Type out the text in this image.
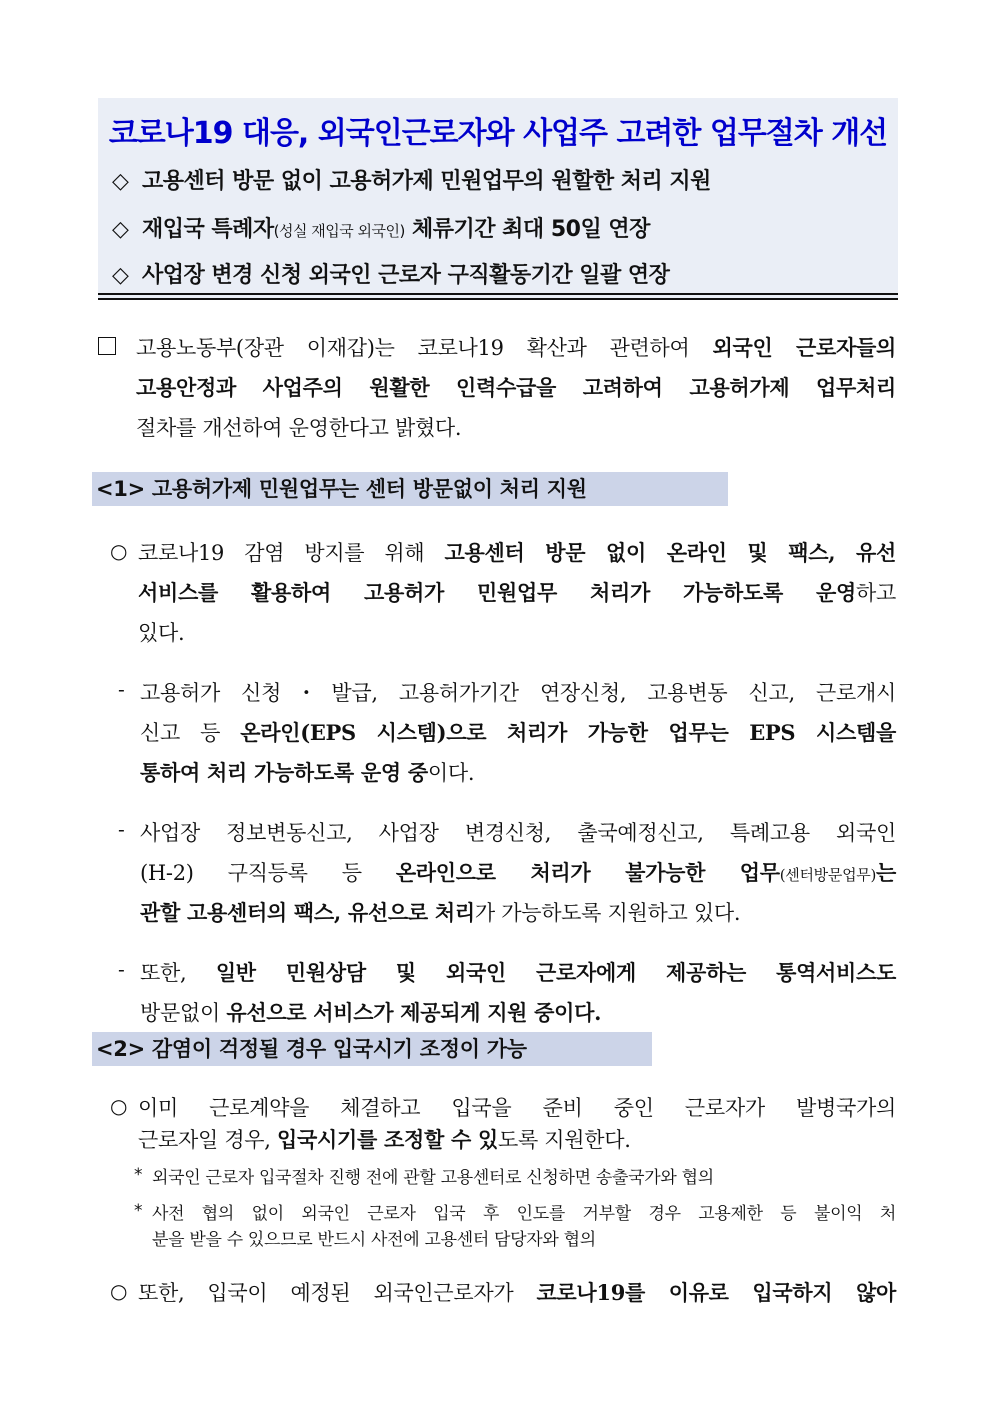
코로나19 대응, 외국인근로자와 사업주 고려한 업무절차 개선
◇ 고용센터 방문 없이 고용허가제 민원업무의 원할한 처리 지원
◇ 재입국 특례자(성실 재입국 외국인) 체류기간 최대 50일 연장
◇ 사업장 변경 신청 외국인 근로자 구직활동기간 일괄 연장
고용노동부(장관 이재갑)는 코로나19 확산과 관련하여 외국인 근로자들의
고용안정과 사업주의 원활한 인력수급을 고려하여 고용허가제 업무처리
절차를 개선하여 운영한다고 밝혔다.
<1> 고용허가제 민원업무는 센터 방문없이 처리 지원
○ 코로나19 감염 방지를 위해 고용센터 방문 없이 온라인 및 팩스, 유선
서비스를 활용하여 고용허가 민원업무 처리가 가능하도록 운영하고
있다.
- 고용허가 신청・발급, 고용허가기간 연장신청, 고용변동 신고, 근로개시
신고 등 온라인(EPS 시스템)으로 처리가 가능한 업무는 EPS 시스템을
통하여 처리 가능하도록 운영 중이다.
- 사업장 정보변동신고, 사업장 변경신청, 출국예정신고, 특례고용 외국인
(H-2) 구직등록 등 온라인으로 처리가 불가능한 업무(센터방문업무)는
관할 고용센터의 팩스, 유선으로 처리가 가능하도록 지원하고 있다.
- 또한, 일반 민원상담 및 외국인 근로자에게 제공하는 통역서비스도
방문없이 유선으로 서비스가 제공되게 지원 중이다.
<2> 감염이 걱정될 경우 입국시기 조정이 가능
○ 이미 근로계약을 체결하고 입국을 준비 중인 근로자가 발병국가의
근로자일 경우, 입국시기를 조정할 수 있도록 지원한다.
* 외국인 근로자 입국절차 진행 전에 관할 고용센터로 신청하면 송출국가와 협의
* 사전 협의 없이 외국인 근로자 입국 후 인도를 거부할 경우 고용제한 등 불이익 처
분을 받을 수 있으므로 반드시 사전에 고용센터 담당자와 협의
○ 또한, 입국이 예정된 외국인근로자가 코로나19를 이유로 입국하지 않아
